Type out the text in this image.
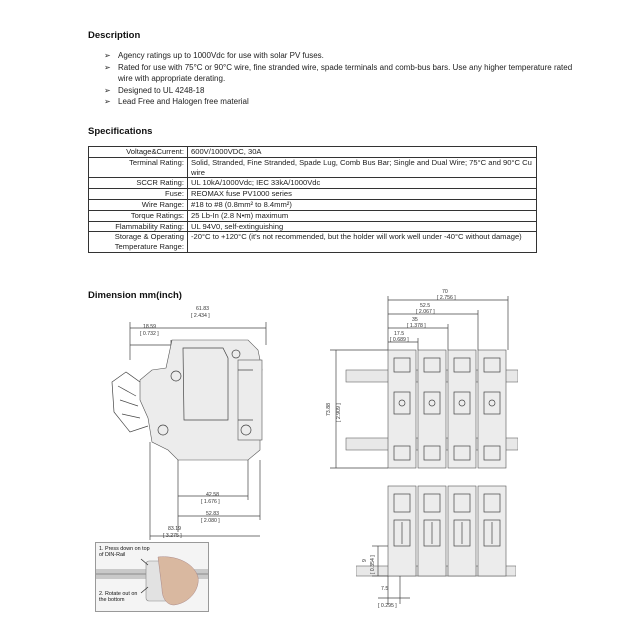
Description
➢ Agency ratings up to 1000Vdc for use with solar PV fuses.
➢ Rated for use with 75°C or 90°C wire, fine stranded wire, spade terminals and comb-bus bars. Use any higher temperature rated wire with appropriate derating.
➢ Designed to UL 4248-18
➢ Lead Free and Halogen free material
Specifications
Voltage&Current:	600V/1000VDC, 30A
Terminal Rating:	Solid, Stranded, Fine Stranded, Spade Lug, Comb Bus Bar; Single and Dual Wire; 75°C and 90°C Cu wire
SCCR Rating:	UL 10kA/1000Vdc; IEC 33kA/1000Vdc
Fuse:	REOMAX fuse PV1000 series
Wire Range:	#18 to #8 (0.8mm² to 8.4mm²)
Torque Ratings:	25 Lb-In (2.8 N•m) maximum
Flammability Rating:	UL 94V0, self-extinguishing
Storage & Operating Temperature Range:	-20°C to +120°C (it's not recommended, but the holder will work well under -40°C without damage)
Dimension mm(inch)
61.83
[ 2.434 ]
18.59
[ 0.732 ]
42.58
[ 1.676 ]
52.83
[ 2.080 ]
83.19
[ 3.275 ]
1. Press down on top of DIN-Rail
2. Rotate out on the bottom
70
[ 2.756 ]
52.5
[ 2.067 ]
35
[ 1.378 ]
17.5
[ 0.689 ]
73.88 [ 2.909 ]
9 [ 0.354 ]
7.5
[ 0.295 ]
